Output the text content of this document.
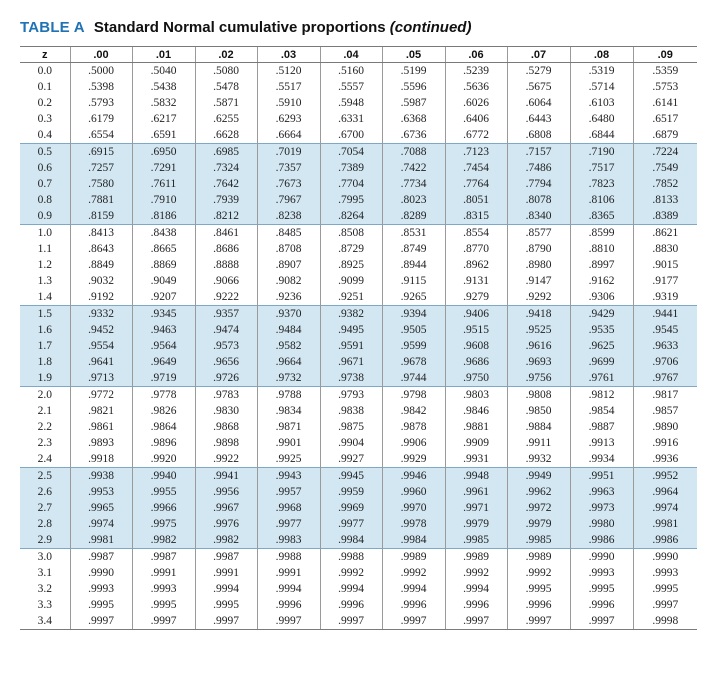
TABLE A Standard Normal cumulative proportions (continued)
z	.00	.01	.02	.03	.04	.05	.06	.07	.08	.09
0.0	.5000	.5040	.5080	.5120	.5160	.5199	.5239	.5279	.5319	.5359
0.1	.5398	.5438	.5478	.5517	.5557	.5596	.5636	.5675	.5714	.5753
0.2	.5793	.5832	.5871	.5910	.5948	.5987	.6026	.6064	.6103	.6141
0.3	.6179	.6217	.6255	.6293	.6331	.6368	.6406	.6443	.6480	.6517
0.4	.6554	.6591	.6628	.6664	.6700	.6736	.6772	.6808	.6844	.6879
0.5	.6915	.6950	.6985	.7019	.7054	.7088	.7123	.7157	.7190	.7224
0.6	.7257	.7291	.7324	.7357	.7389	.7422	.7454	.7486	.7517	.7549
0.7	.7580	.7611	.7642	.7673	.7704	.7734	.7764	.7794	.7823	.7852
0.8	.7881	.7910	.7939	.7967	.7995	.8023	.8051	.8078	.8106	.8133
0.9	.8159	.8186	.8212	.8238	.8264	.8289	.8315	.8340	.8365	.8389
1.0	.8413	.8438	.8461	.8485	.8508	.8531	.8554	.8577	.8599	.8621
1.1	.8643	.8665	.8686	.8708	.8729	.8749	.8770	.8790	.8810	.8830
1.2	.8849	.8869	.8888	.8907	.8925	.8944	.8962	.8980	.8997	.9015
1.3	.9032	.9049	.9066	.9082	.9099	.9115	.9131	.9147	.9162	.9177
1.4	.9192	.9207	.9222	.9236	.9251	.9265	.9279	.9292	.9306	.9319
1.5	.9332	.9345	.9357	.9370	.9382	.9394	.9406	.9418	.9429	.9441
1.6	.9452	.9463	.9474	.9484	.9495	.9505	.9515	.9525	.9535	.9545
1.7	.9554	.9564	.9573	.9582	.9591	.9599	.9608	.9616	.9625	.9633
1.8	.9641	.9649	.9656	.9664	.9671	.9678	.9686	.9693	.9699	.9706
1.9	.9713	.9719	.9726	.9732	.9738	.9744	.9750	.9756	.9761	.9767
2.0	.9772	.9778	.9783	.9788	.9793	.9798	.9803	.9808	.9812	.9817
2.1	.9821	.9826	.9830	.9834	.9838	.9842	.9846	.9850	.9854	.9857
2.2	.9861	.9864	.9868	.9871	.9875	.9878	.9881	.9884	.9887	.9890
2.3	.9893	.9896	.9898	.9901	.9904	.9906	.9909	.9911	.9913	.9916
2.4	.9918	.9920	.9922	.9925	.9927	.9929	.9931	.9932	.9934	.9936
2.5	.9938	.9940	.9941	.9943	.9945	.9946	.9948	.9949	.9951	.9952
2.6	.9953	.9955	.9956	.9957	.9959	.9960	.9961	.9962	.9963	.9964
2.7	.9965	.9966	.9967	.9968	.9969	.9970	.9971	.9972	.9973	.9974
2.8	.9974	.9975	.9976	.9977	.9977	.9978	.9979	.9979	.9980	.9981
2.9	.9981	.9982	.9982	.9983	.9984	.9984	.9985	.9985	.9986	.9986
3.0	.9987	.9987	.9987	.9988	.9988	.9989	.9989	.9989	.9990	.9990
3.1	.9990	.9991	.9991	.9991	.9992	.9992	.9992	.9992	.9993	.9993
3.2	.9993	.9993	.9994	.9994	.9994	.9994	.9994	.9995	.9995	.9995
3.3	.9995	.9995	.9995	.9996	.9996	.9996	.9996	.9996	.9996	.9997
3.4	.9997	.9997	.9997	.9997	.9997	.9997	.9997	.9997	.9997	.9998
